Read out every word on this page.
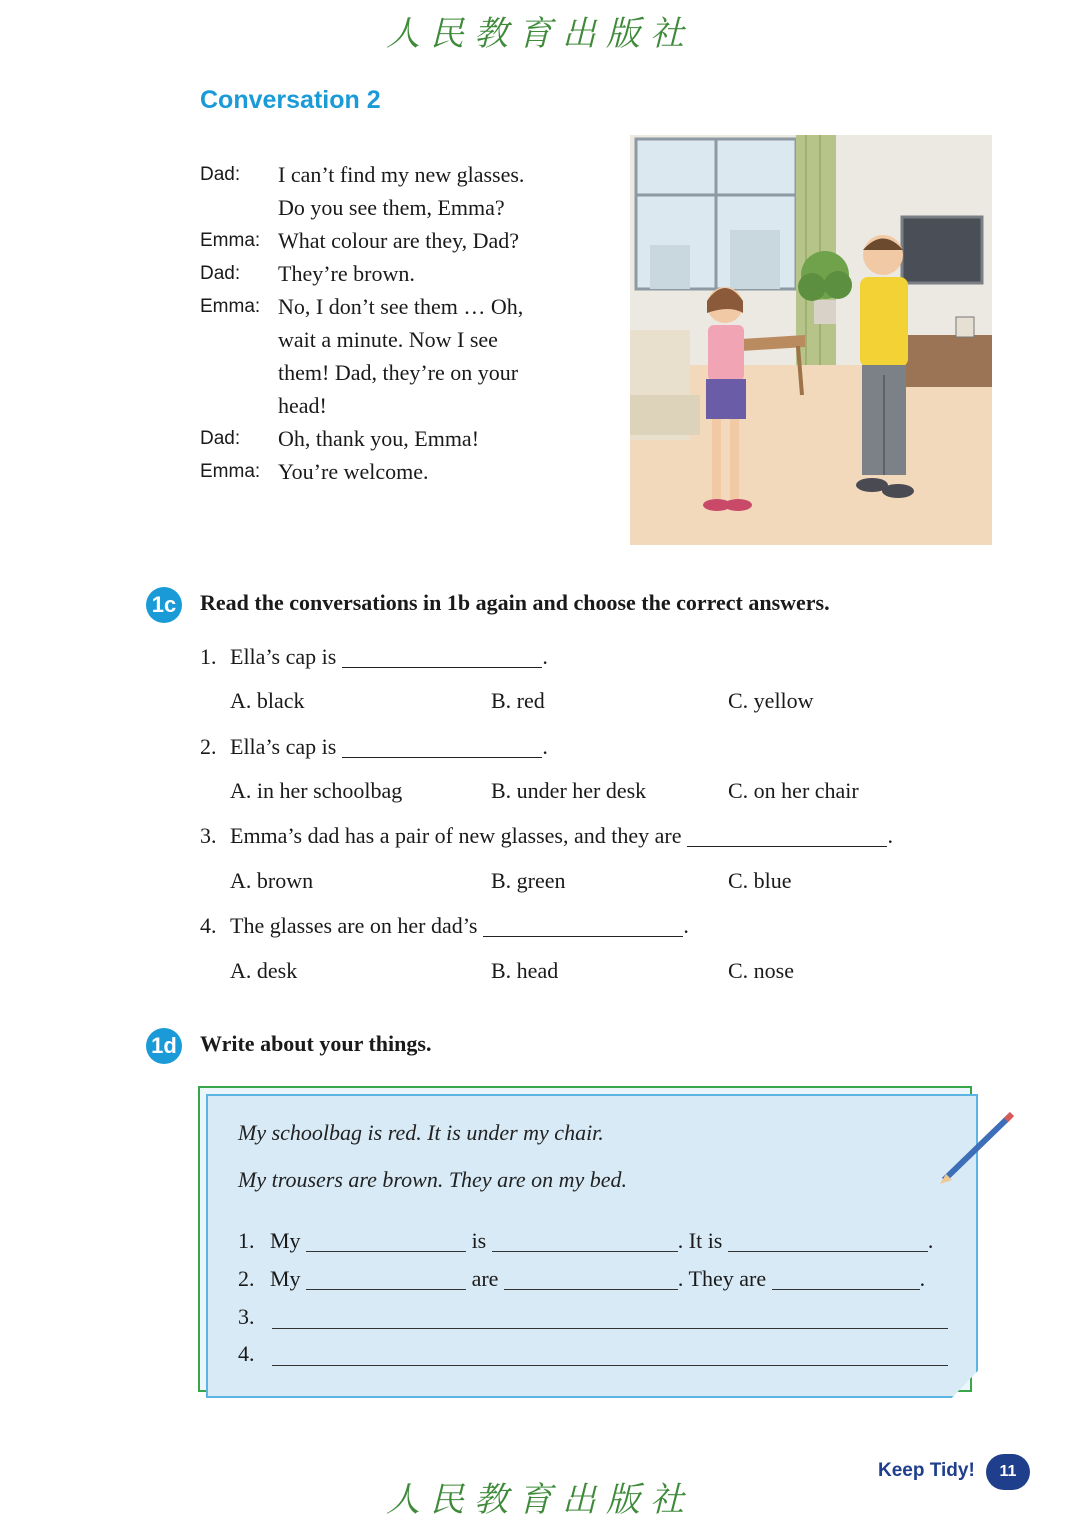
人民教育出版社
Conversation 2
Dad:	I can’t find my new glasses.
Do you see them, Emma?
Emma: What colour are they, Dad?
Dad:	They’re brown.
Emma: No, I don’t see them … Oh,
wait a minute. Now I see
them! Dad, they’re on your
head!
Dad:	Oh, thank you, Emma!
Emma: You’re welcome.
1c Read the conversations in 1b again and choose the correct answers.
1. Ella’s cap is	.
A. black	B. red	C. yellow
2. Ella’s cap is	.
A. in her schoolbag	B. under her desk	C. on her chair
3. Emma’s dad has a pair of new glasses, and they are	.
A. brown	B. green	C. blue
4. The glasses are on her dad’s	.
A. desk	B. head	C. nose
1d Write about your things.
My schoolbag is red. It is under my chair.
My trousers are brown. They are on my bed.
1. My	is	. It is	.
2. My	are	. They are	.
3.
4.
Keep Tidy!	11
人民教育出版社
